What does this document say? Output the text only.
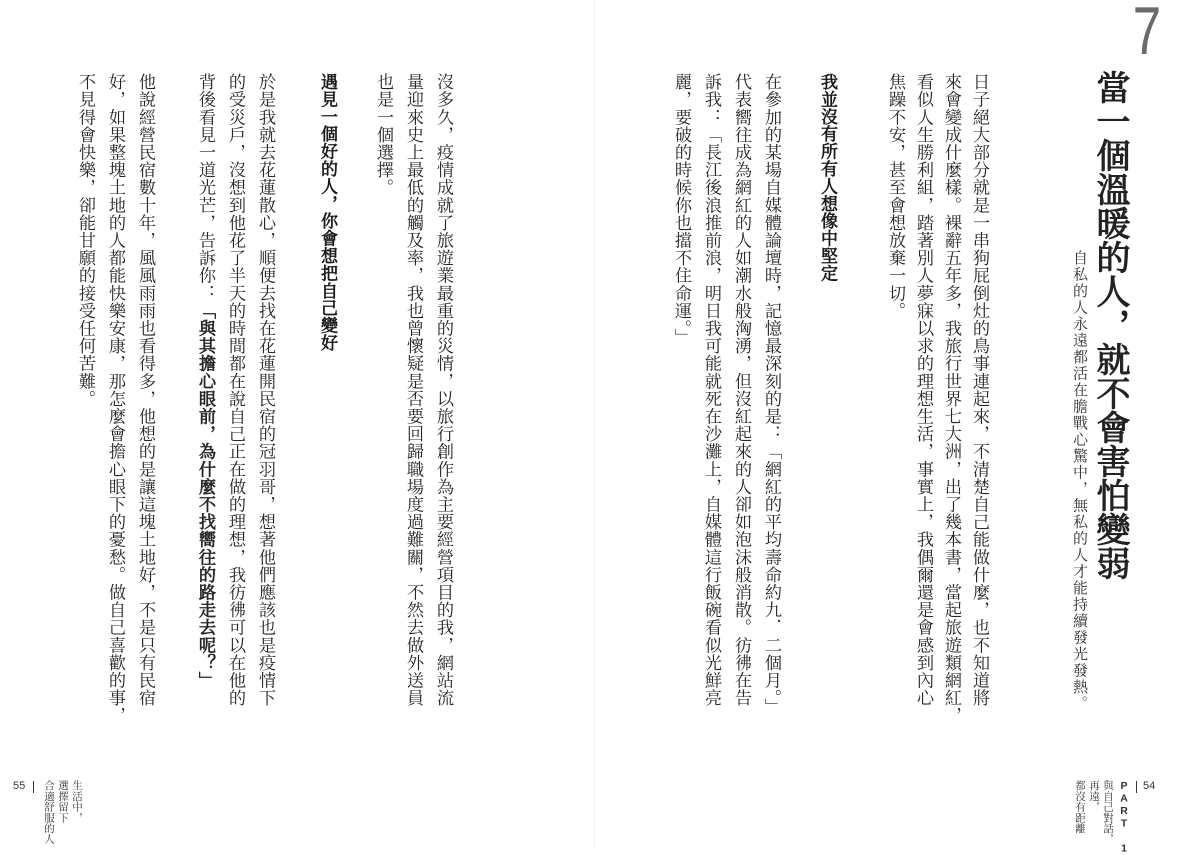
7
當一個溫暖的人，就不會害怕變弱
自私的人永遠都活在膽戰心驚中，無私的人才能持續發光發熱。
日子絕大部分就是一串狗屁倒灶的鳥事連起來，不清楚自己能做什麼，也不知道將
來會變成什麼樣。裸辭五年多，我旅行世界七大洲，出了幾本書，當起旅遊類網紅，
看似人生勝利組，踏著別人夢寐以求的理想生活，事實上，我偶爾還是會感到內心
焦躁不安，甚至會想放棄一切。
我並沒有所有人想像中堅定
在參加的某場自媒體論壇時，記憶最深刻的是：「網紅的平均壽命約九．二個月。」
代表嚮往成為網紅的人如潮水般洶湧，但沒紅起來的人卻如泡沫般消散。彷彿在告
訴我：「長江後浪推前浪，明日我可能就死在沙灘上，自媒體這行飯碗看似光鮮亮
麗，要破的時候你也擋不住命運。」
沒多久，疫情成就了旅遊業最重的災情，以旅行創作為主要經營項目的我，網站流
量迎來史上最低的觸及率，我也曾懷疑是否要回歸職場度過難關，不然去做外送員
也是一個選擇。
遇見一個好的人，你會想把自己變好
於是我就去花蓮散心，順便去找在花蓮開民宿的冠羽哥，想著他們應該也是疫情下
的受災戶，沒想到他花了半天的時間都在說自己正在做的理想，我彷彿可以在他的
背後看見一道光芒，告訴你：「與其擔心眼前，為什麼不找嚮往的路走去呢？」
他說經營民宿數十年，風風雨雨也看得多，他想的是讓這塊土地好，不是只有民宿
好，如果整塊土地的人都能快樂安康，那怎麼會擔心眼下的憂愁。做自己喜歡的事，
不見得會快樂，卻能甘願的接受任何苦難。
54
PART 1
與自己對話，
再遠，
都沒有距離
55	生活中，
選擇留下
合適舒服的人
